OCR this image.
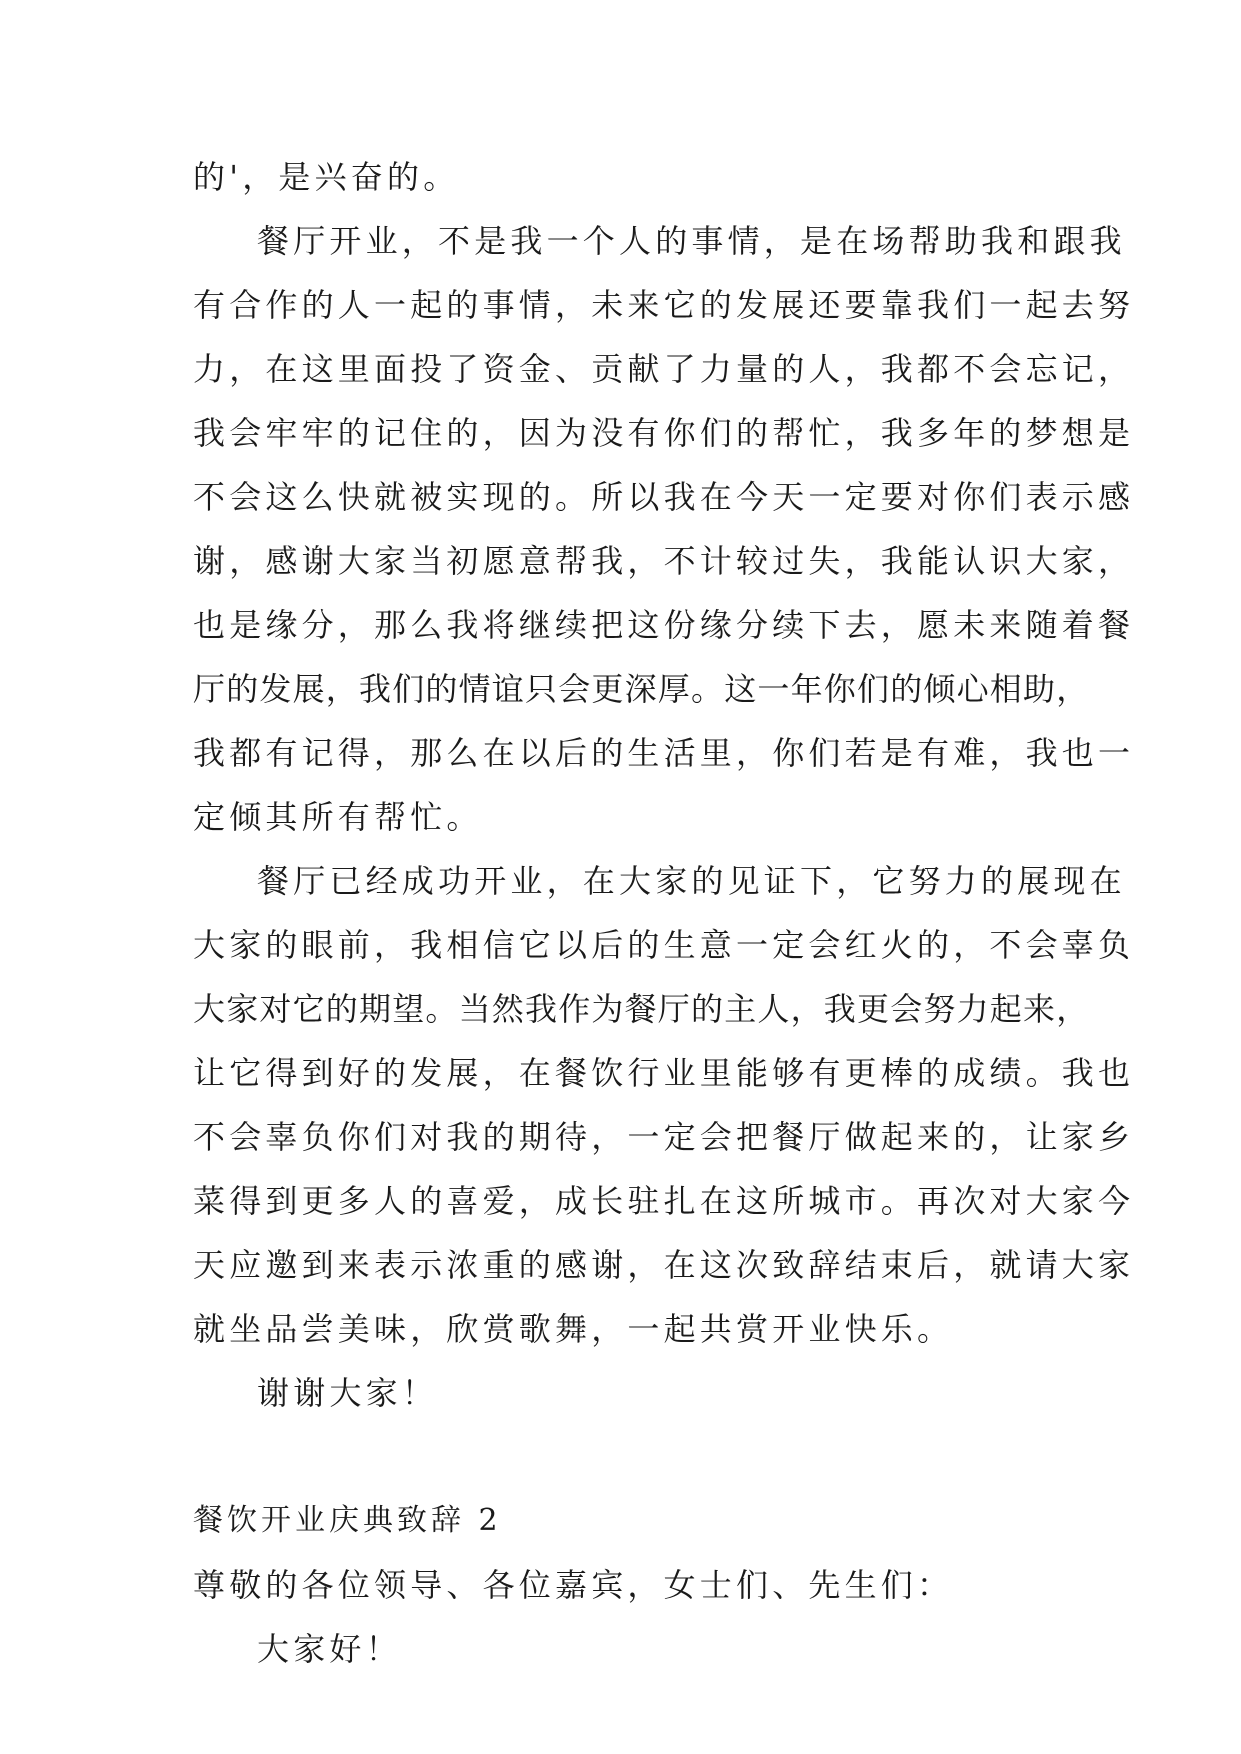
的'，是兴奋的。
餐厅开业，不是我一个人的事情，是在场帮助我和跟我
有合作的人一起的事情，未来它的发展还要靠我们一起去努
力，在这里面投了资金、贡献了力量的人，我都不会忘记，
我会牢牢的记住的，因为没有你们的帮忙，我多年的梦想是
不会这么快就被实现的。所以我在今天一定要对你们表示感
谢，感谢大家当初愿意帮我，不计较过失，我能认识大家，
也是缘分，那么我将继续把这份缘分续下去，愿未来随着餐
厅的发展，我们的情谊只会更深厚。这一年你们的倾心相助，
我都有记得，那么在以后的生活里，你们若是有难，我也一
定倾其所有帮忙。
餐厅已经成功开业，在大家的见证下，它努力的展现在
大家的眼前，我相信它以后的生意一定会红火的，不会辜负
大家对它的期望。当然我作为餐厅的主人，我更会努力起来，
让它得到好的发展，在餐饮行业里能够有更棒的成绩。我也
不会辜负你们对我的期待，一定会把餐厅做起来的，让家乡
菜得到更多人的喜爱，成长驻扎在这所城市。再次对大家今
天应邀到来表示浓重的感谢，在这次致辞结束后，就请大家
就坐品尝美味，欣赏歌舞，一起共赏开业快乐。
谢谢大家！
餐饮开业庆典致辞 2
尊敬的各位领导、各位嘉宾，女士们、先生们：
大家好！
